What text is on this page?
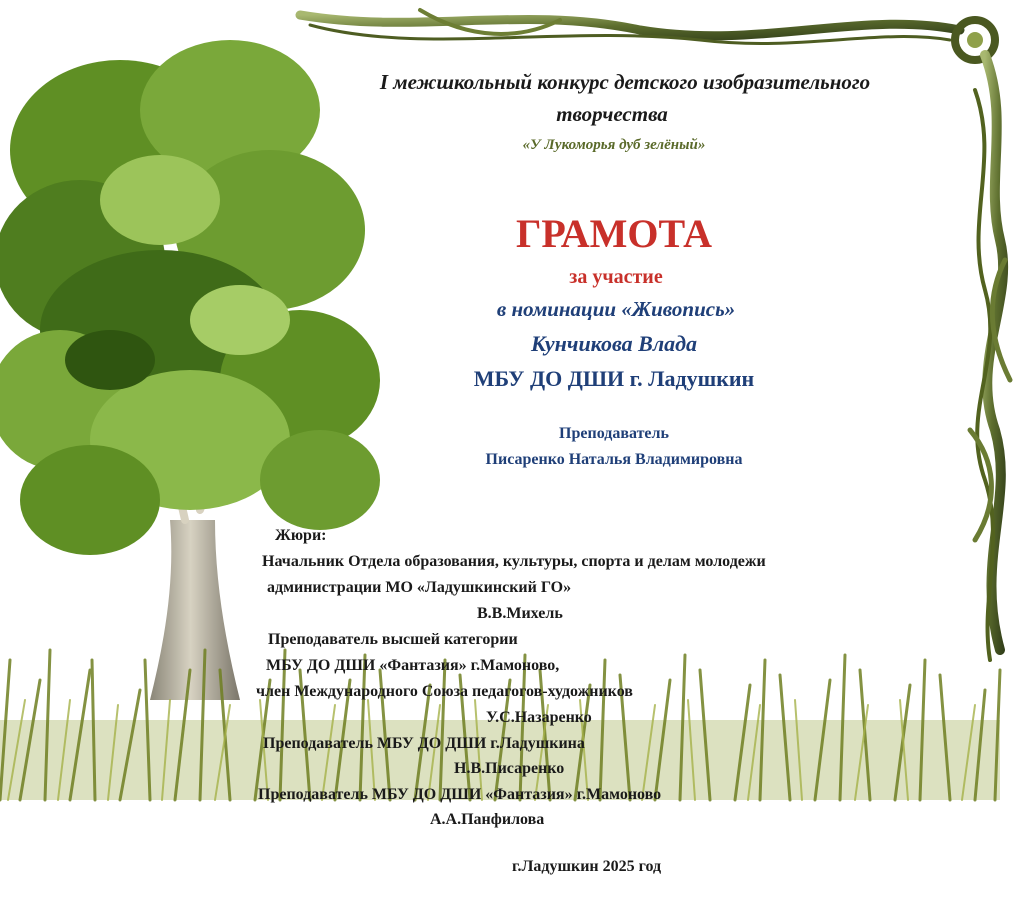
I межшкольный конкурс детского изобразительного
творчества
«У Лукоморья дуб зелёный»
ГРАМОТА
за участие
в номинации «Живопись»
Кунчикова Влада
МБУ ДО ДШИ г. Ладушкин
Преподаватель
Писаренко Наталья Владимировна
Жюри:
Начальник Отдела образования, культуры, спорта и делам молодежи
администрации МО «Ладушкинский ГО»
В.В.Михель
Преподаватель высшей категории
МБУ ДО ДШИ «Фантазия» г.Мамоново,
член Международного Союза педагогов-художников
У.С.Назаренко
Преподаватель МБУ ДО ДШИ г.Ладушкина
Н.В.Писаренко
Преподаватель МБУ ДО ДШИ «Фантазия» г.Мамоново
А.А.Панфилова
г.Ладушкин 2025 год
